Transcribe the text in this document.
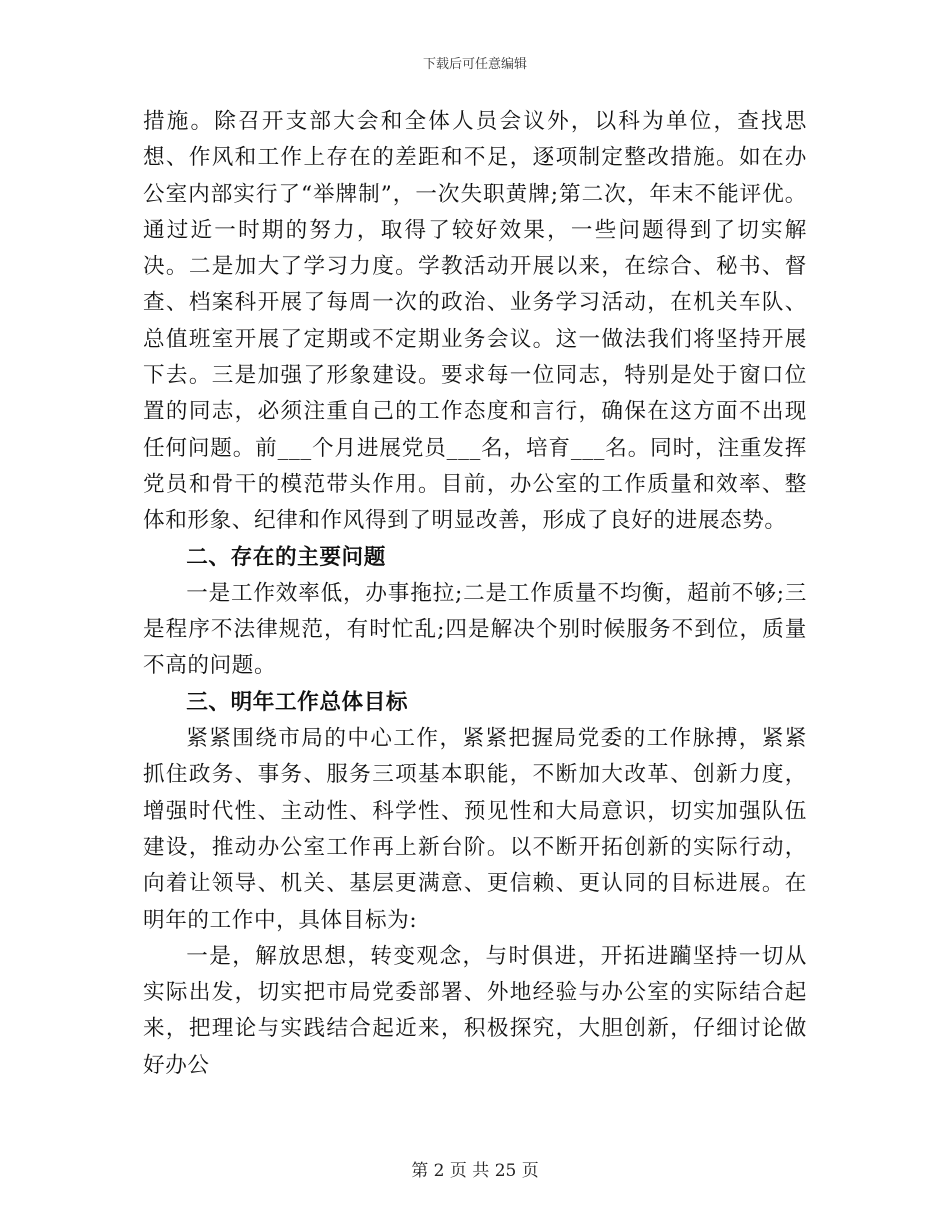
下载后可任意编辑

措施。除召开支部大会和全体人员会议外，以科为单位，查找思想、作风和工作上存在的差距和不足，逐项制定整改措施。如在办公室内部实行了“举牌制”，一次失职黄牌;第二次，年末不能评优。通过近一时期的努力，取得了较好效果，一些问题得到了切实解决。二是加大了学习力度。学教活动开展以来，在综合、秘书、督查、档案科开展了每周一次的政治、业务学习活动，在机关车队、总值班室开展了定期或不定期业务会议。这一做法我们将坚持开展下去。三是加强了形象建设。要求每一位同志，特别是处于窗口位置的同志，必须注重自己的工作态度和言行，确保在这方面不出现任何问题。前___个月进展党员___名，培育___名。同时，注重发挥党员和骨干的模范带头作用。目前，办公室的工作质量和效率、整体和形象、纪律和作风得到了明显改善，形成了良好的进展态势。

二、存在的主要问题

一是工作效率低，办事拖拉;二是工作质量不均衡，超前不够;三是程序不法律规范，有时忙乱;四是解决个别时候服务不到位，质量不高的问题。

三、明年工作总体目标

紧紧围绕市局的中心工作，紧紧把握局党委的工作脉搏，紧紧抓住政务、事务、服务三项基本职能，不断加大改革、创新力度，增强时代性、主动性、科学性、预见性和大局意识，切实加强队伍建设，推动办公室工作再上新台阶。以不断开拓创新的实际行动，向着让领导、机关、基层更满意、更信赖、更认同的目标进展。在明年的工作中，具体目标为:

一是，解放思想，转变观念，与时俱进，开拓进躏坚持一切从实际出发，切实把市局党委部署、外地经验与办公室的实际结合起来，把理论与实践结合起近来，积极探究，大胆创新，仔细讨论做好办公

第 2 页 共 25 页
